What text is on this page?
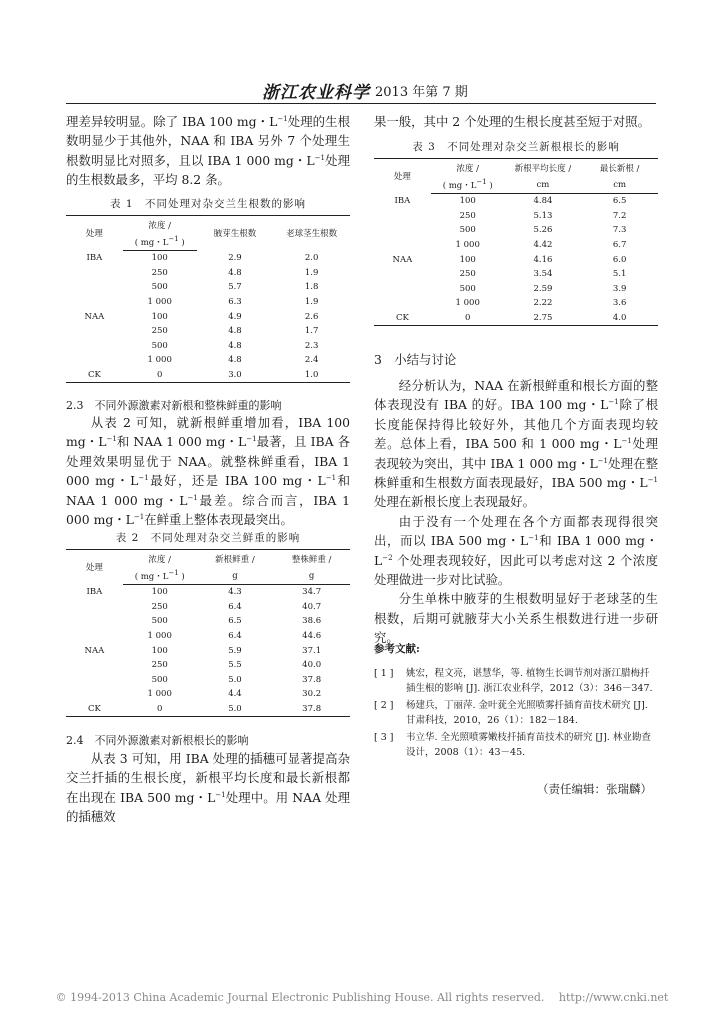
浙江农业科学 2013 年第 7 期

理差异较明显。除了 IBA 100 mg・$L^{-1}$处理的生根数明显少于其他外，NAA 和 IBA 另外 7 个处理生根数明显比对照多，且以 IBA 1 000 mg・$L^{-1}$处理的生根数最多，平均 8.2 条。

表 1　不同处理对杂交兰生根数的影响
处理	浓度 /	腋芽生根数	老球茎生根数
	( mg・$L^{-1}$ )		
IBA	100	2.9	2.0
	250	4.8	1.9
	500	5.7	1.8
	1 000	6.3	1.9
NAA	100	4.9	2.6
	250	4.8	1.7
	500	4.8	2.3
	1 000	4.8	2.4
CK	0	3.0	1.0
2.3　不同外源激素对新根和整株鲜重的影响

从表 2 可知，就新根鲜重增加看，IBA 100 mg・$L^{-1}$和 NAA 1 000 mg・$L^{-1}$最著，且 IBA 各处理效果明显优于 NAA。就整株鲜重看，IBA 1 000 mg・$L^{-1}$最好，还是 IBA 100 mg・$L^{-1}$和 NAA 1 000 mg・$L^{-1}$最差。综合而言，IBA 1 000 mg・$L^{-1}$在鲜重上整体表现最突出。

表 2　不同处理对杂交兰鲜重的影响
处理	浓度 /	新根鲜重 /	整株鲜重 /
	( mg・$L^{-1}$ )	g	g
IBA	100	4.3	34.7
	250	6.4	40.7
	500	6.5	38.6
	1 000	6.4	44.6
NAA	100	5.9	37.1
	250	5.5	40.0
	500	5.0	37.8
	1 000	4.4	30.2
CK	0	5.0	37.8
2.4　不同外源激素对新根根长的影响

从表 3 可知，用 IBA 处理的插穗可显著提高杂交兰扦插的生根长度，新根平均长度和最长新根都在出现在 IBA 500 mg・$L^{-1}$处理中。用 NAA 处理的插穗效

果一般，其中 2 个处理的生根长度甚至短于对照。

表 3　不同处理对杂交兰新根根长的影响
处理	浓度 /	新根平均长度 /	最长新根 /
	( mg・$L^{-1}$ )	cm	cm
IBA	100	4.84	6.5
	250	5.13	7.2
	500	5.26	7.3
	1 000	4.42	6.7
NAA	100	4.16	6.0
	250	3.54	5.1
	500	2.59	3.9
	1 000	2.22	3.6
CK	0	2.75	4.0
3　小结与讨论

经分析认为，NAA 在新根鲜重和根长方面的整体表现没有 IBA 的好。IBA 100 mg・$L^{-1}$除了根长度能保持得比较好外，其他几个方面表现均较差。总体上看，IBA 500 和 1 000 mg・$L^{-1}$处理表现较为突出，其中 IBA 1 000 mg・$L^{-1}$处理在整株鲜重和生根数方面表现最好，IBA 500 mg・$L^{-1}$处理在新根长度上表现最好。

由于没有一个处理在各个方面都表现得很突出，而以 IBA 500 mg・$L^{-1}$和 IBA 1 000 mg・$L^{-2}$ 个处理表现较好，因此可以考虑对这 2 个浓度处理做进一步对比试验。

分生单株中腋芽的生根数明显好于老球茎的生根数，后期可就腋芽大小关系生根数进行进一步研究。

参考文献:
[ 1 ]	姚宏，程文亮，谌慧华，等. 植物生长调节剂对浙江腊梅扦插生根的影响 [J]. 浙江农业科学，2012（3）：346－347.
[ 2 ]	杨建兵，丁丽萍. 金叶莸全光照喷雾扦插育苗技术研究 [J]. 甘肃科技，2010，26（1）：182－184.
[ 3 ]	韦立华. 全光照喷雾嫩枝扦插育苗技术的研究 [J]. 林业勘查设计，2008（1）：43－45.
（责任编辑：张瑞麟）
© 1994-2013 China Academic Journal Electronic Publishing House. All rights reserved.　 http://www.cnki.net
